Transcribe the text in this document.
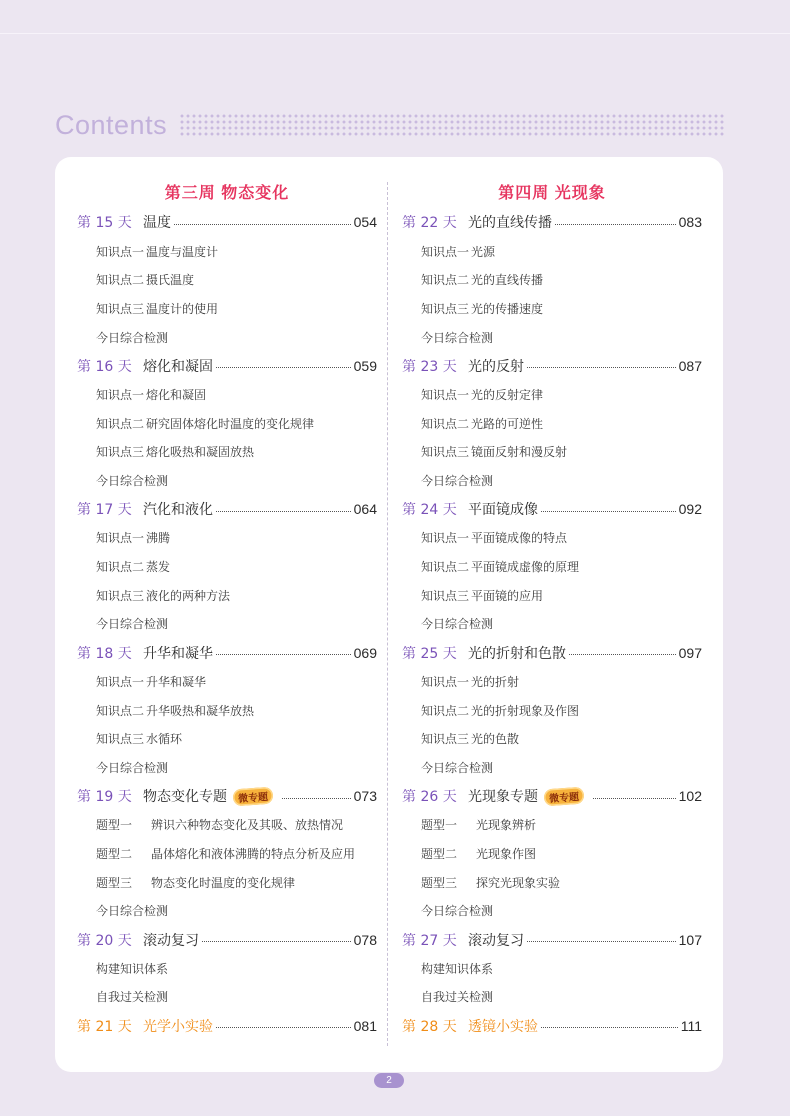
Contents
第三周 物态变化
第 15 天 温度	054
知识点一 温度与温度计
知识点二 摄氏温度
知识点三 温度计的使用
今日综合检测
第 16 天 熔化和凝固	059
知识点一 熔化和凝固
知识点二 研究固体熔化时温度的变化规律
知识点三 熔化吸热和凝固放热
今日综合检测
第 17 天 汽化和液化	064
知识点一 沸腾
知识点二 蒸发
知识点三 液化的两种方法
今日综合检测
第 18 天 升华和凝华	069
知识点一 升华和凝华
知识点二 升华吸热和凝华放热
知识点三 水循环
今日综合检测
第 19 天 物态变化专题	微专题	073
题型一	辨识六种物态变化及其吸、放热情况
题型二	晶体熔化和液体沸腾的特点分析及应用
题型三	物态变化时温度的变化规律
今日综合检测
第 20 天 滚动复习	078
构建知识体系
自我过关检测
第 21 天 光学小实验	081
第四周 光现象
第 22 天 光的直线传播	083
知识点一 光源
知识点二 光的直线传播
知识点三 光的传播速度
今日综合检测
第 23 天 光的反射	087
知识点一 光的反射定律
知识点二 光路的可逆性
知识点三 镜面反射和漫反射
今日综合检测
第 24 天 平面镜成像	092
知识点一 平面镜成像的特点
知识点二 平面镜成虚像的原理
知识点三 平面镜的应用
今日综合检测
第 25 天 光的折射和色散	097
知识点一 光的折射
知识点二 光的折射现象及作图
知识点三 光的色散
今日综合检测
第 26 天 光现象专题	微专题	102
题型一	光现象辨析
题型二	光现象作图
题型三	探究光现象实验
今日综合检测
第 27 天 滚动复习	107
构建知识体系
自我过关检测
第 28 天 透镜小实验	111
2
